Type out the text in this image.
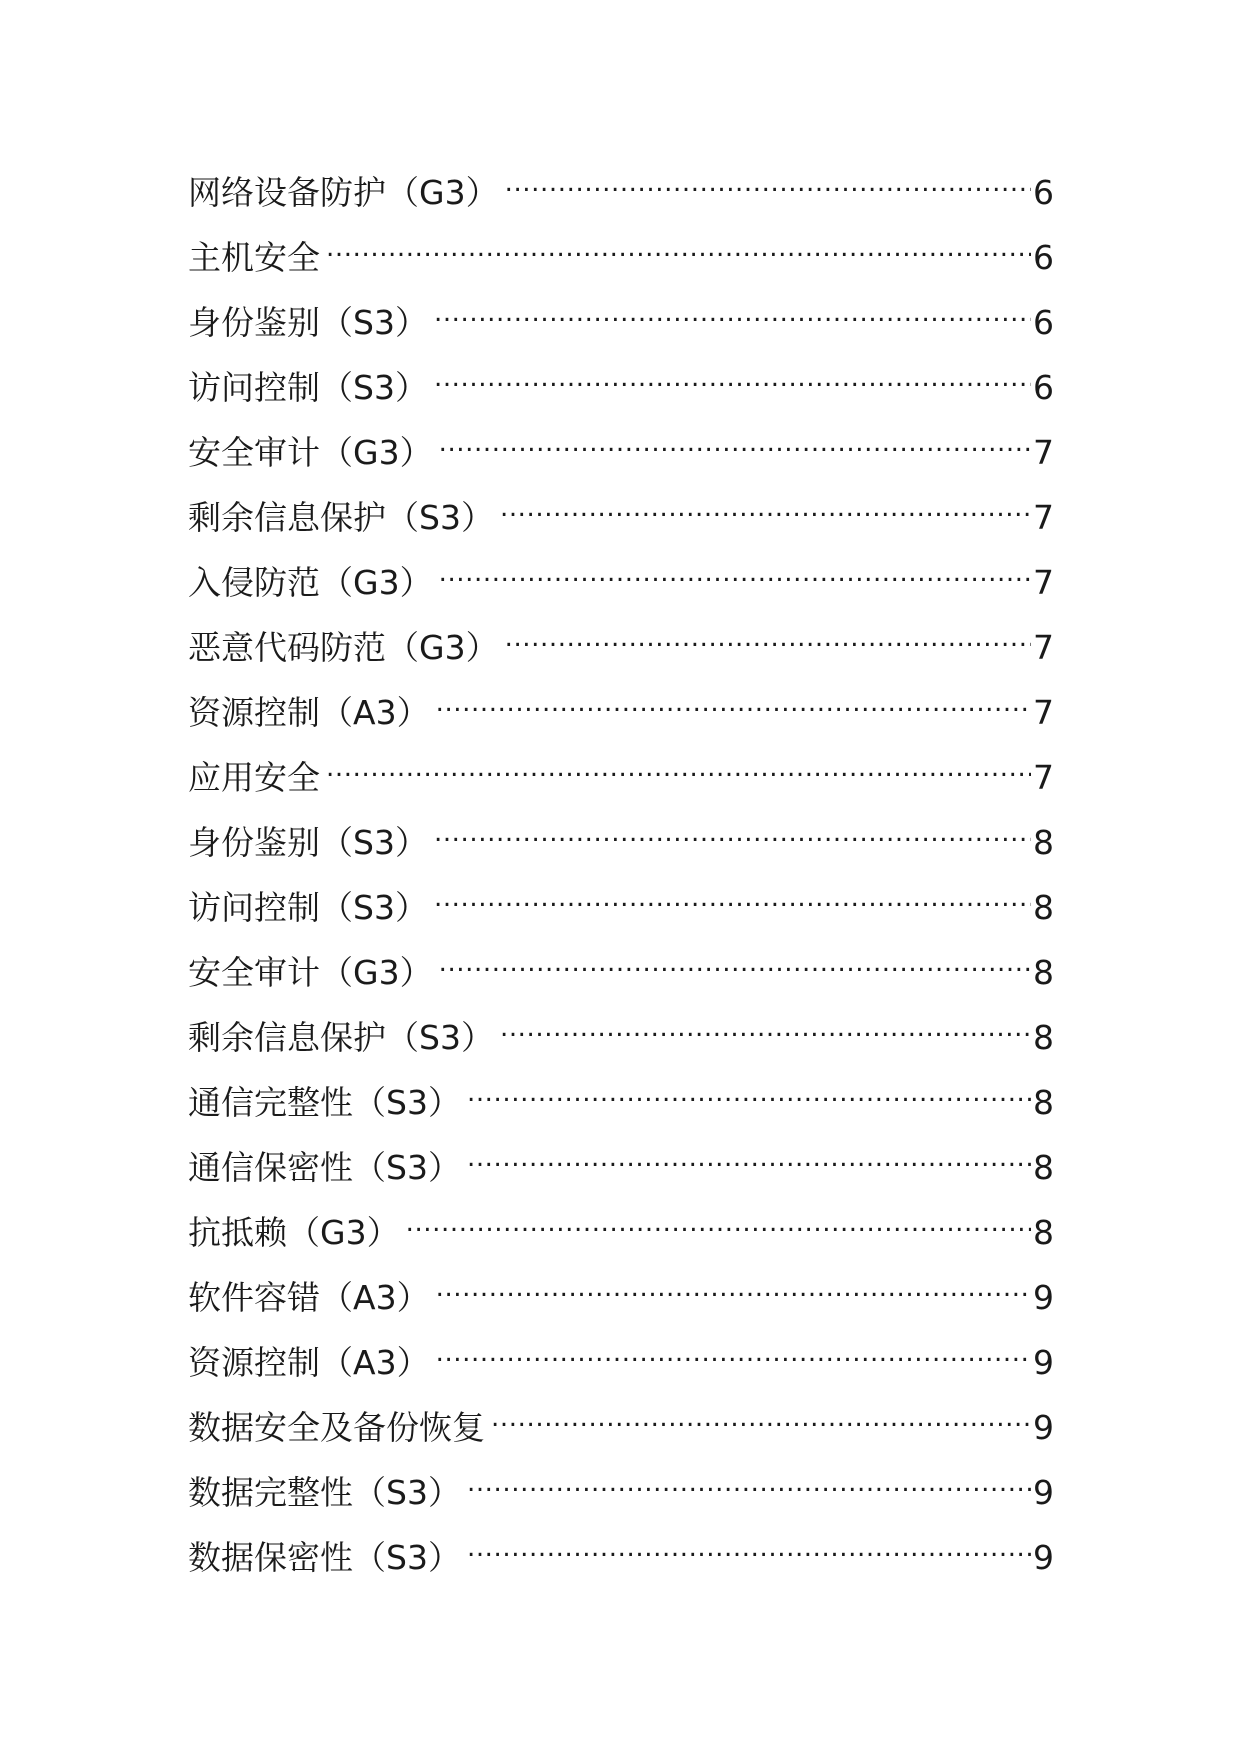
网络设备防护（G3） .....	6
主机安全 .....	6
身份鉴别（S3） .....	6
访问控制（S3） .....	6
安全审计（G3） .....	7
剩余信息保护（S3） .....	7
入侵防范（G3） .....	7
恶意代码防范（G3） .....	7
资源控制（A3） .....	7
应用安全 .....	7
身份鉴别（S3） .....	8
访问控制（S3） .....	8
安全审计（G3） .....	8
剩余信息保护（S3） .....	8
通信完整性（S3） .....	8
通信保密性（S3） .....	8
抗抵赖（G3） .....	8
软件容错（A3） .....	9
资源控制（A3） .....	9
数据安全及备份恢复 .....	9
数据完整性（S3） .....	9
数据保密性（S3） .....	9
